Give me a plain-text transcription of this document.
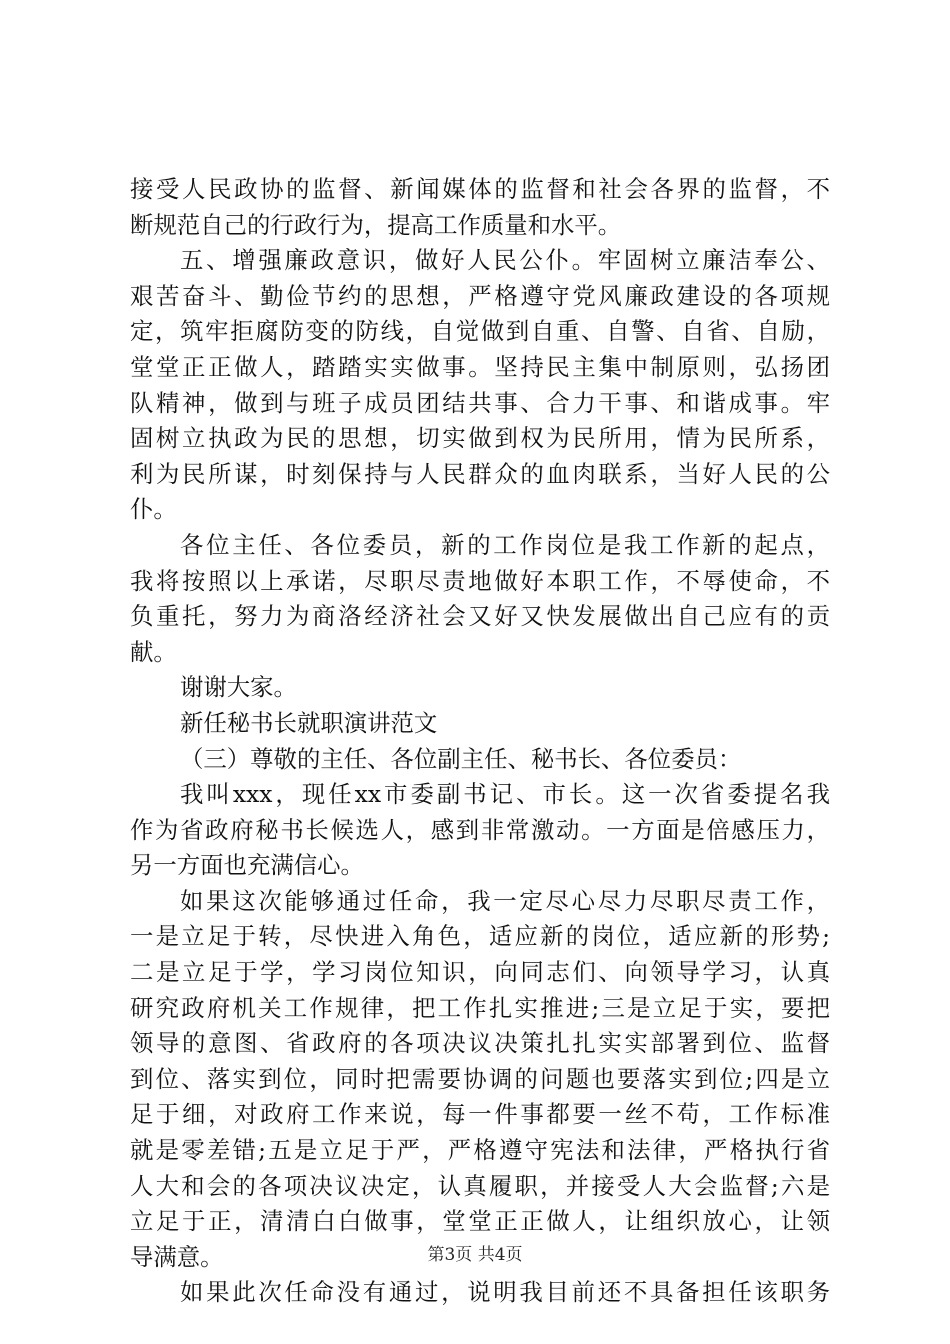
接受人民政协的监督、新闻媒体的监督和社会各界的监督，不
断规范自己的行政行为，提高工作质量和水平。
五、增强廉政意识，做好人民公仆。牢固树立廉洁奉公、
艰苦奋斗、勤俭节约的思想，严格遵守党风廉政建设的各项规
定，筑牢拒腐防变的防线，自觉做到自重、自警、自省、自励，
堂堂正正做人，踏踏实实做事。坚持民主集中制原则，弘扬团
队精神，做到与班子成员团结共事、合力干事、和谐成事。牢
固树立执政为民的思想，切实做到权为民所用，情为民所系，
利为民所谋，时刻保持与人民群众的血肉联系，当好人民的公
仆。
各位主任、各位委员，新的工作岗位是我工作新的起点，
我将按照以上承诺，尽职尽责地做好本职工作，不辱使命，不
负重托，努力为商洛经济社会又好又快发展做出自己应有的贡
献。
谢谢大家。
新任秘书长就职演讲范文
（三）尊敬的主任、各位副主任、秘书长、各位委员：
我叫xxx，现任xx市委副书记、市长。这一次省委提名我
作为省政府秘书长候选人，感到非常激动。一方面是倍感压力，
另一方面也充满信心。
如果这次能够通过任命，我一定尽心尽力尽职尽责工作，
一是立足于转，尽快进入角色，适应新的岗位，适应新的形势;
二是立足于学，学习岗位知识，向同志们、向领导学习，认真
研究政府机关工作规律，把工作扎实推进;三是立足于实，要把
领导的意图、省政府的各项决议决策扎扎实实部署到位、监督
到位、落实到位，同时把需要协调的问题也要落实到位;四是立
足于细，对政府工作来说，每一件事都要一丝不苟，工作标准
就是零差错;五是立足于严，严格遵守宪法和法律，严格执行省
人大和会的各项决议决定，认真履职，并接受人大会监督;六是
立足于正，清清白白做事，堂堂正正做人，让组织放心，让领
导满意。
如果此次任命没有通过，说明我目前还不具备担任该职务
第3页 共4页
